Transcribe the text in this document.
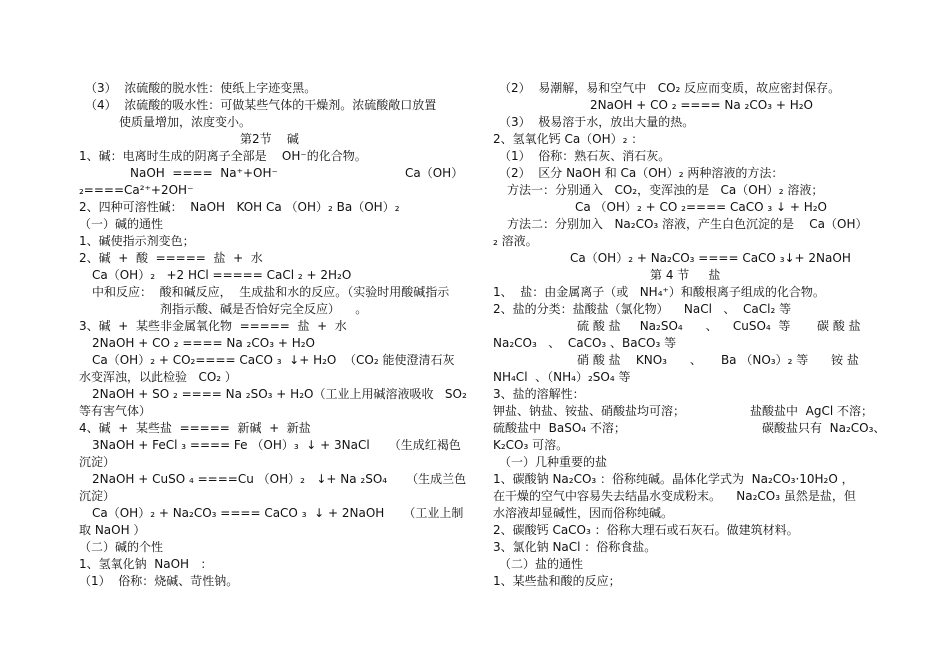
（3）  浓硫酸的脱水性：使纸上字迹变黑。
（4）  浓硫酸的吸水性：可做某些气体的干燥剂。浓硫酸敞口放置
使质量增加，浓度变小。
第2节    碱
1、碱：电离时生成的阴离子全部是    OH⁻的化合物。
NaOH  ====  Na⁺+OH⁻	Ca（OH）
₂====Ca²⁺+2OH⁻
2、四种可溶性碱：  NaOH   KOH Ca （OH）₂ Ba（OH）₂
（一）碱的通性
1、碱使指示剂变色；
2、碱  +  酸  =====  盐  +  水
Ca（OH）₂   +2 HCl ===== CaCl ₂ + 2H₂O
中和反应：  酸和碱反应，  生成盐和水的反应。（实验时用酸碱指示
剂指示酸、碱是否恰好完全反应）    。
3、碱  +  某些非金属氧化物  =====  盐  +  水
2NaOH + CO ₂ ==== Na ₂CO₃ + H₂O
Ca（OH）₂ + CO₂==== CaCO ₃  ↓+ H₂O  （CO₂ 能使澄清石灰
水变浑浊，以此检验   CO₂ ）
2NaOH + SO ₂ ==== Na ₂SO₃ + H₂O（工业上用碱溶液吸收   SO₂
等有害气体）
4、碱  +  某些盐  =====  新碱  +  新盐
3NaOH + FeCl ₃ ==== Fe （OH）₃  ↓ + 3NaCl     （生成红褐色
沉淀）
2NaOH + CuSO ₄ ====Cu （OH）₂   ↓+ Na ₂SO₄     （生成兰色
沉淀）
Ca（OH）₂ + Na₂CO₃ ==== CaCO ₃  ↓ + 2NaOH     （工业上制
取 NaOH ）
（二）碱的个性
1、氢氧化钠  NaOH   ：
（1）  俗称：烧碱、苛性钠。
（2）  易潮解，易和空气中   CO₂ 反应而变质，故应密封保存。
2NaOH + CO ₂ ==== Na ₂CO₃ + H₂O
（3）  极易溶于水，放出大量的热。
2、氢氧化钙 Ca（OH）₂ ：
（1）  俗称：熟石灰、消石灰。
（2）  区分 NaOH 和 Ca（OH）₂ 两种溶液的方法：
方法一：分别通入   CO₂，变浑浊的是   Ca（OH）₂ 溶液；
Ca （OH）₂ + CO ₂==== CaCO ₃ ↓ + H₂O
方法二：分别加入   Na₂CO₃ 溶液，产生白色沉淀的是    Ca（OH）
₂ 溶液。
Ca（OH）₂ + Na₂CO₃ ==== CaCO ₃↓+ 2NaOH
第 4 节     盐
1、  盐：由金属离子（或   NH₄⁺）和酸根离子组成的化合物。
2、盐的分类：盐酸盐（氯化物）    NaCl   、  CaCl₂ 等
硫 酸 盐     Na₂SO₄      、    CuSO₄  等       碳 酸 盐
Na₂CO₃   、  CaCO₃ 、BaCO₃ 等
硝 酸 盐    KNO₃      、     Ba （NO₃）₂ 等      铵 盐
NH₄Cl  、（NH₄）₂SO₄ 等
3、盐的溶解性：
钾盐、钠盐、铵盐、硝酸盐均可溶；	盐酸盐中  AgCl 不溶；
硫酸盐中  BaSO₄ 不溶；	碳酸盐只有  Na₂CO₃、
K₂CO₃ 可溶。
（一）几种重要的盐
1、碳酸钠 Na₂CO₃ ：俗称纯碱。晶体化学式为  Na₂CO₃·10H₂O ，
在干燥的空气中容易失去结晶水变成粉末。    Na₂CO₃ 虽然是盐，但
水溶液却显碱性，因而俗称纯碱。
2、碳酸钙 CaCO₃ ：俗称大理石或石灰石。做建筑材料。
3、氯化钠 NaCl ：俗称食盐。
（二）盐的通性
1、某些盐和酸的反应；
